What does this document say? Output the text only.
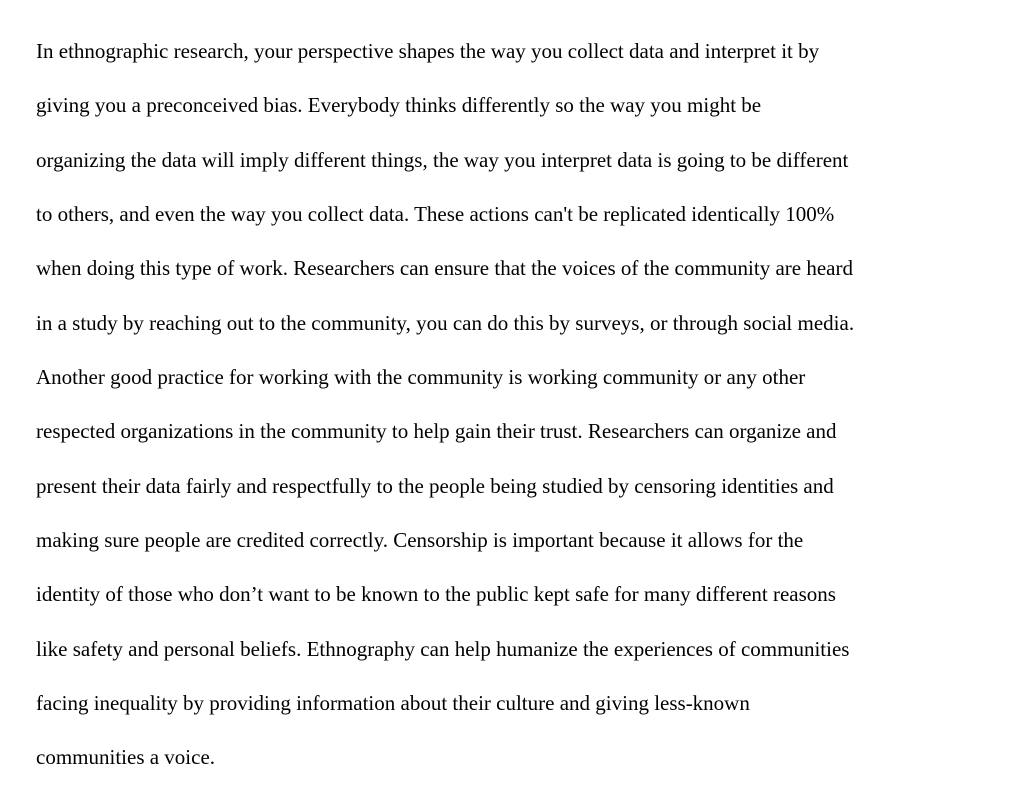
In ethnographic research, your perspective shapes the way you collect data and interpret it by
giving you a preconceived bias. Everybody thinks differently so the way you might be
organizing the data will imply different things, the way you interpret data is going to be different
to others, and even the way you collect data. These actions can't be replicated identically 100%
when doing this type of work. Researchers can ensure that the voices of the community are heard
in a study by reaching out to the community, you can do this by surveys, or through social media.
Another good practice for working with the community is working community or any other
respected organizations in the community to help gain their trust. Researchers can organize and
present their data fairly and respectfully to the people being studied by censoring identities and
making sure people are credited correctly. Censorship is important because it allows for the
identity of those who don’t want to be known to the public kept safe for many different reasons
like safety and personal beliefs. Ethnography can help humanize the experiences of communities
facing inequality by providing information about their culture and giving less-known
communities a voice.
